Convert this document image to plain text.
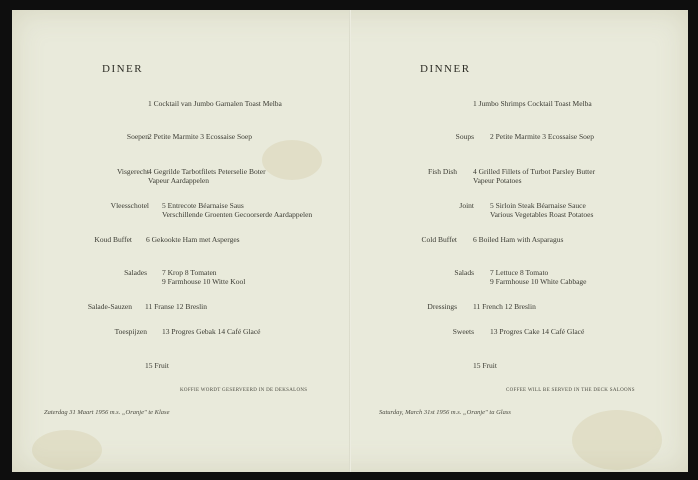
DINER
1 Cocktail van Jumbo Garnalen Toast Melba
Soepen 2 Petite Marmite 3 Ecossaise Soep
Visgerecht 4 Gegrilde Tarbotfilets Peterselie Boter
Vapeur Aardappelen
Vleesschotel 5 Entrecote Béarnaise Saus
Verschillende Groenten Gecoorserde Aardappelen
Koud Buffet 6 Gekookte Ham met Asperges
Salades 7 Krop 8 Tomaten
9 Farmhouse 10 Witte Kool
Salade-Sauzen 11 Franse 12 Breslin
Toespijzen 13 Progres Gebak 14 Café Glacé
15 Fruit
KOFFIE WORDT GESERVEERD IN DE DEKSALONS
Zaterdag 31 Maart 1956 m.s. „Oranje" te Klase
DINNER
1 Jumbo Shrimps Cocktail Toast Melba
Soups 2 Petite Marmite 3 Ecossaise Soep
Fish Dish 4 Grilled Fillets of Turbot Parsley Butter
Vapeur Potatoes
Joint 5 Sirloin Steak Béarnaise Sauce
Various Vegetables Roast Potatoes
Cold Buffet 6 Boiled Ham with Asparagus
Salads 7 Lettuce 8 Tomato
9 Farmhouse 10 White Cabbage
Dressings 11 French 12 Breslin
Sweets 13 Progres Cake 14 Café Glacé
15 Fruit
COFFEE WILL BE SERVED IN THE DECK SALOONS
Saturday, March 31st 1956 m.s. „Oranje" ta Glass
